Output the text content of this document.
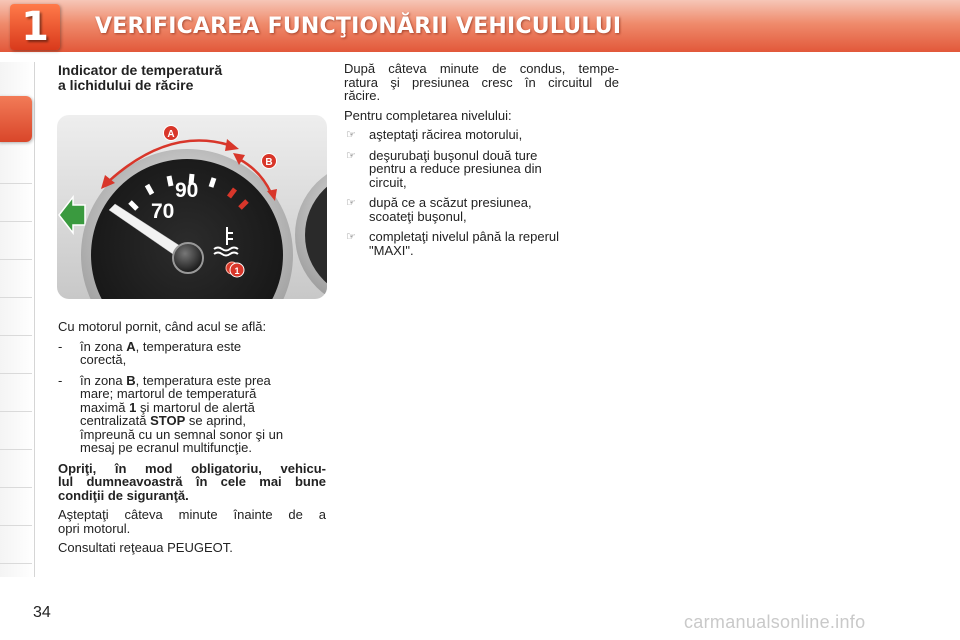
1 VERIFICAREA FUNCŢIONĂRII VEHICULULUI
Indicator de temperatură
a lichidului de răcire
70
90
A
B
1

Cu motorul pornit, când acul se află:

- în zona A, temperatura este
corectă,
- în zona B, temperatura este prea
mare; martorul de temperatură
maximă 1 şi martorul de alertă
centralizată STOP se aprind,
împreună cu un semnal sonor şi un
mesaj pe ecranul multifuncţie.

Opriţi, în mod obligatoriu, vehicu-
lul dumneavoastră în cele mai bune
condiţii de siguranţă.

Aşteptaţi câteva minute înainte de a
opri motorul.

Consultati reţeaua PEUGEOT.

După câteva minute de condus, tempe-
ratura şi presiunea cresc în circuitul de
răcire.

Pentru completarea nivelului:

☞ aşteptaţi răcirea motorului,
☞ deşurubaţi buşonul două ture
pentru a reduce presiunea din
circuit,
☞ după ce a scăzut presiunea,
scoateţi buşonul,
☞ completaţi nivelul până la reperul
"MAXI".
34	carmanualsonline.info
